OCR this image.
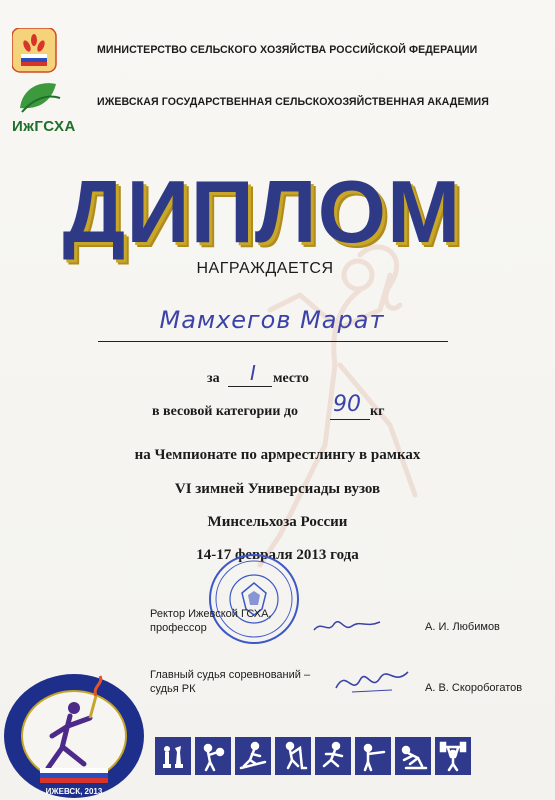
ИжГСХА
МИНИСТЕРСТВО СЕЛЬСКОГО ХОЗЯЙСТВА РОССИЙСКОЙ ФЕДЕРАЦИИ
ИЖЕВСКАЯ ГОСУДАРСТВЕННАЯ СЕЛЬСКОХОЗЯЙСТВЕННАЯ АКАДЕМИЯ
ДИПЛОМ
НАГРАЖДАЕТСЯ
Мамхегов Марат
за I место
в весовой категории до 90 кг
на Чемпионате по армрестлингу в рамках
VI зимней Универсиады вузов
Минсельхоза России
14-17 февраля 2013 года
Ректор Ижевской ГСХА,
профессор	А. И. Любимов
Главный судья соревнований –
судья РК	А. В. Скоробогатов
ИЖЕВСК, 2013
